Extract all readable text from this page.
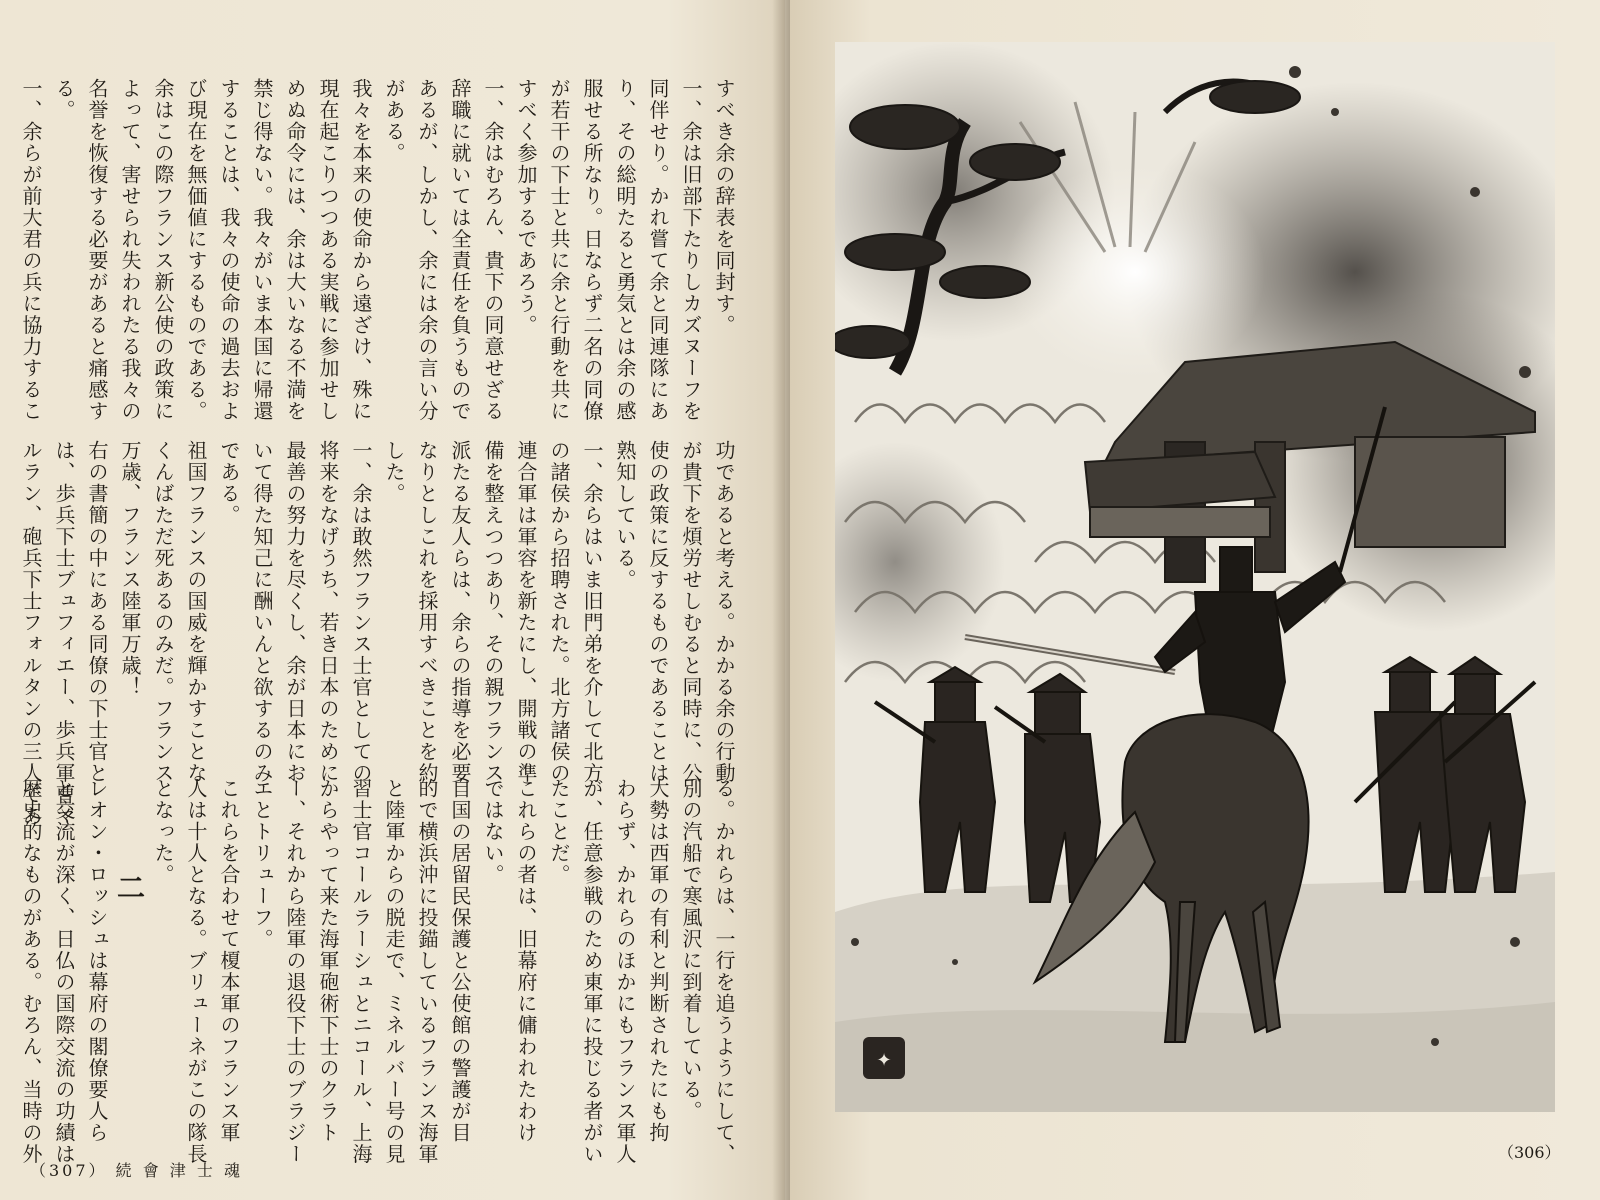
すべき余の辞表を同封す。

一、余は旧部下たりしカズヌーフを

同伴せり。かれ嘗て余と同連隊にあ

り、その総明たると勇気とは余の感

服せる所なり。日ならず二名の同僚

が若干の下士と共に余と行動を共に

すべく参加するであろう。

一、余はむろん、貴下の同意せざる

辞職に就いては全責任を負うもので

あるが、しかし、余には余の言い分

がある。

我々を本来の使命から遠ざけ、殊に

現在起こりつつある実戦に参加せし

めぬ命令には、余は大いなる不満を

禁じ得ない。我々がいま本国に帰還

することは、我々の使命の過去およ

び現在を無価値にするものである。

余はこの際フランス新公使の政策に

よって、害せられ失われたる我々の

名誉を恢復する必要があると痛感す

る。

一、余らが前大君の兵に協力するこ

功であると考える。かかる余の行動

が貴下を煩労せしむると同時に、公

使の政策に反するものであることは

熟知している。

一、余らはいま旧門弟を介して北方

の諸侯から招聘された。北方諸侯の

連合軍は軍容を新たにし、開戦の準

備を整えつつあり、その親フランス

派たる友人らは、余らの指導を必要

なりとしこれを採用すべきことを約

した。

一、余は敢然フランス士官としての

将来をなげうち、若き日本のために

最善の努力を尽くし、余が日本にお

いて得た知己に酬いんと欲するのみ

である。

祖国フランスの国威を輝かすことな

くんばただ死あるのみだ。フランス

万歳、フランス陸軍万歳！

右の書簡の中にある同僚の下士官と

は、歩兵下士ブュフィエー、歩兵軍曹マ

ルラン、砲兵下士フォルタンの三人であ

る。かれらは、一行を追うようにして、

別の汽船で寒風沢に到着している。

大勢は西軍の有利と判断されたにも拘

わらず、かれらのほかにもフランス軍人

が、任意参戦のため東軍に投じる者がい

たことだ。

これらの者は、旧幕府に傭われたわけ

ではない。

自国の居留民保護と公使館の警護が目

的で横浜沖に投錨しているフランス海軍

と陸軍からの脱走で、ミネルバー号の見

習士官コールラーシュとニコール、上海

からやって来た海軍砲術下士のクラト

ー、それから陸軍の退役下士のブラジー

エとトリューフ。

これらを合わせて榎本軍のフランス軍

人は十人となる。ブリューネがこの隊長

となった。

二

レオン・ロッシュは幕府の閣僚要人ら

と交流が深く、日仏の国際交流の功績は

歴史的なものがある。むろん、当時の外

（307） 続 會 津 士 魂
✦
（306）
